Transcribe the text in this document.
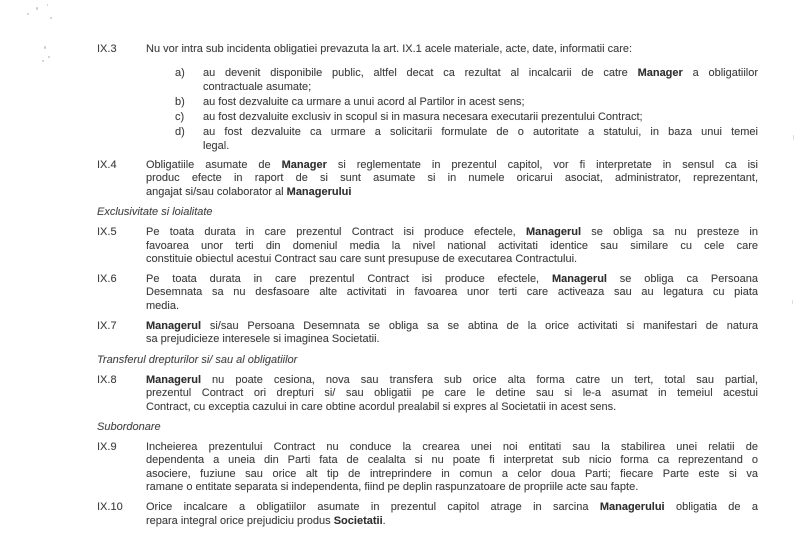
IX.3	Nu vor intra sub incidenta obligatiei prevazuta la art. IX.1 acele materiale, acte, date, informatii care:
a) au devenit disponibile public, altfel decat ca rezultat al incalcarii de catre Manager a obligatiilor
contractuale asumate;
b) au fost dezvaluite ca urmare a unui acord al Partilor in acest sens;
c) au fost dezvaluite exclusiv in scopul si in masura necesara executarii prezentului Contract;
d) au fost dezvaluite ca urmare a solicitarii formulate de o autoritate a statului, in baza unui temei
legal.
IX.4	Obligatiile asumate de Manager si reglementate in prezentul capitol, vor fi interpretate in sensul ca isi
produc efecte in raport de si sunt asumate si in numele oricarui asociat, administrator, reprezentant,
angajat si/sau colaborator al Managerului
Exclusivitate si loialitate
IX.5	Pe toata durata in care prezentul Contract isi produce efectele, Managerul se obliga sa nu presteze in
favoarea unor terti din domeniul media la nivel national activitati identice sau similare cu cele care
constituie obiectul acestui Contract sau care sunt presupuse de executarea Contractului.
IX.6	Pe toata durata in care prezentul Contract isi produce efectele, Managerul se obliga ca Persoana
Desemnata sa nu desfasoare alte activitati in favoarea unor terti care activeaza sau au legatura cu piata
media.
IX.7	Managerul si/sau Persoana Desemnata se obliga sa se abtina de la orice activitati si manifestari de natura
sa prejudicieze interesele si imaginea Societatii.
Transferul drepturilor si/ sau al obligatiilor
IX.8	Managerul nu poate cesiona, nova sau transfera sub orice alta forma catre un tert, total sau partial,
prezentul Contract ori drepturi si/ sau obligatii pe care le detine sau si le-a asumat in temeiul acestui
Contract, cu exceptia cazului in care obtine acordul prealabil si expres al Societatii in acest sens.
Subordonare
IX.9	Incheierea prezentului Contract nu conduce la crearea unei noi entitati sau la stabilirea unei relatii de
dependenta a uneia din Parti fata de cealalta si nu poate fi interpretat sub nicio forma ca reprezentand o
asociere, fuziune sau orice alt tip de intreprindere in comun a celor doua Parti; fiecare Parte este si va
ramane o entitate separata si independenta, fiind pe deplin raspunzatoare de propriile acte sau fapte.
IX.10 Orice incalcare a obligatiilor asumate in prezentul capitol atrage in sarcina Managerului obligatia de a
repara integral orice prejudiciu produs Societatii.
